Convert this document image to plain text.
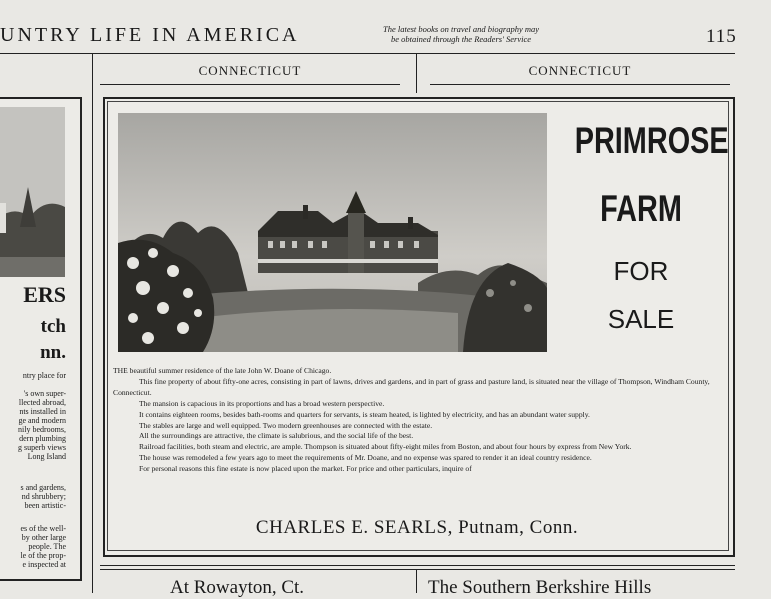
UNTRY LIFE IN AMERICA	The latest books on travel and biography may
be obtained through the Readers' Service	115
CONNECTICUT	CONNECTICUT
ERS
tch
nn.
ntry place for
's own super-
llected abroad,
nts installed in
ge and modern
nily bedrooms,
dern plumbing
g superb views
Long Island
s and gardens,
nd shrubbery;
been artistic-
es of the well-
by other large
people. The
le of the prop-
e inspected at
PRIMROSE
FARM
FOR
SALE

THE beautiful summer residence of the late John W. Doane of Chicago.

This fine property of about fifty-one acres, consisting in part of lawns, drives and gardens, and in part of grass and pasture land, is situated near the village of Thompson, Windham County, Connecticut.

The mansion is capacious in its proportions and has a broad western perspective.

It contains eighteen rooms, besides bath-rooms and quarters for servants, is steam heated, is lighted by electricity, and has an abundant water supply.

The stables are large and well equipped. Two modern greenhouses are connected with the estate.

All the surroundings are attractive, the climate is salubrious, and the social life of the best.

Railroad facilities, both steam and electric, are ample. Thompson is situated about fifty-eight miles from Boston, and about four hours by express from New York.

The house was remodeled a few years ago to meet the requirements of Mr. Doane, and no expense was spared to render it an ideal country residence.

For personal reasons this fine estate is now placed upon the market. For price and other particulars, inquire of

CHARLES E. SEARLS, Putnam, Conn.
At Rowayton, Ct.	The Southern Berkshire Hills
